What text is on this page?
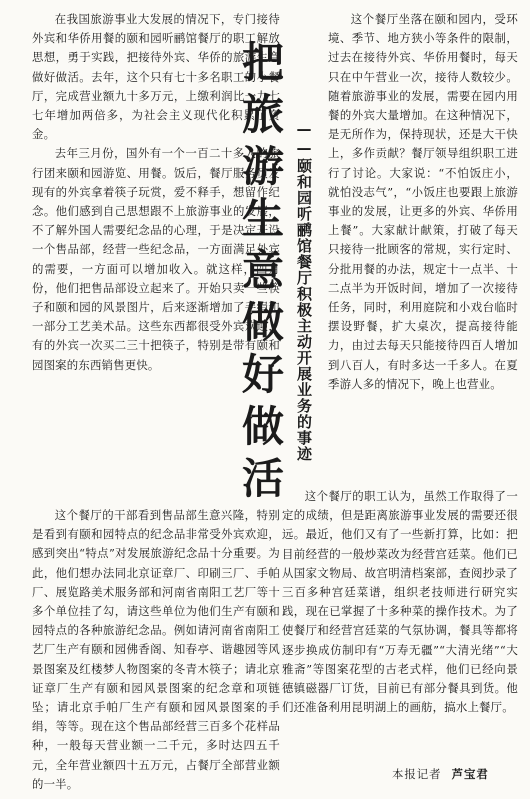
把旅游生意做好做活 ——颐和园听鹂馆餐厅积极主动开展业务的事迹

在我国旅游事业大发展的情况下，专门接待外宾和华侨用餐的颐和园听鹂馆餐厅的职工解放思想，勇于实践，把接待外宾、华侨的旅游生意做好做活。去年，这个只有七十多名职工的小餐厅，完成营业额九十多万元，上缴利润比一九七七年增加两倍多，为社会主义现代化积累了资金。

去年三月份，国外有一个一百二十多人的旅行团来颐和园游览、用餐。饭后，餐厅服务员发现有的外宾拿着筷子玩赏，爱不释手，想留作纪念。他们感到自己思想跟不上旅游事业的发展，不了解外国人需要纪念品的心理，于是决定开设一个售品部，经营一些纪念品，一方面满足外宾的需要，一方面可以增加收入。就这样，四月份，他们把售品部设立起来了。开始只卖一些筷子和颐和园的风景图片，后来逐渐增加了手绢和一部分工艺美术品。这些东西都很受外宾欢迎，有的外宾一次买二三十把筷子，特别是带有颐和园图案的东西销售更快。

这个餐厅的干部看到售品部生意兴隆，特别是看到有颐和园特点的纪念品非常受外宾欢迎，感到突出“特点”对发展旅游纪念品十分重要。为此，他们想办法同北京证章厂、印刷三厂、手帕厂、展览路美术服务部和河南省南阳工艺厂等十多个单位挂了勾，请这些单位为他们生产有颐和园特点的各种旅游纪念品。例如请河南省南阳工艺厂生产有颐和园佛香阁、知春亭、谐趣园等风景图案及红楼梦人物图案的冬青木筷子；请北京证章厂生产有颐和园风景图案的纪念章和项链坠；请北京手帕厂生产有颐和园风景图案的手绢，等等。现在这个售品部经营三百多个花样品种，一般每天营业额一二千元，多时达四五千元，全年营业额四十五万元，占餐厅全部营业额的一半。

这个餐厅坐落在颐和园内，受环境、季节、地方狭小等条件的限制，过去在接待外宾、华侨用餐时，每天只在中午营业一次，接待人数较少。随着旅游事业的发展，需要在园内用餐的外宾大量增加。在这种情况下，是无所作为，保持现状，还是大干快上，多作贡献？餐厅领导组织职工进行了讨论。大家说：“不怕饭庄小，就怕没志气”，“小饭庄也要跟上旅游事业的发展，让更多的外宾、华侨用上餐”。大家献计献策，打破了每天只接待一批顾客的常规，实行定时、分批用餐的办法，规定十一点半、十二点半为开饭时间，增加了一次接待任务，同时，利用庭院和小戏台临时摆设野餐，扩大桌次，提高接待能力，由过去每天只能接待四百人增加到八百人，有时多达一千多人。在夏季游人多的情况下，晚上也营业。

这个餐厅的职工认为，虽然工作取得了一定的成绩，但是距离旅游事业发展的需要还很远。最近，他们又有了一些新打算，比如：把目前经营的一般炒菜改为经营宫廷菜。他们已从国家文物局、故宫明清档案部，查阅抄录了三百多种宫廷菜谱，组织老技师进行研究实践，现在已掌握了十多种菜的操作技术。为了使餐厅和经营宫廷菜的气氛协调，餐具等都将逐步换成仿制印有“万寿无疆”“大清光绪”“大雅斋”等图案花型的古老式样，他们已经向景德镇磁器厂订货，目前已有部分餐具到货。他们还准备利用昆明湖上的画舫，搞水上餐厅。

本报记者 芦宝君
